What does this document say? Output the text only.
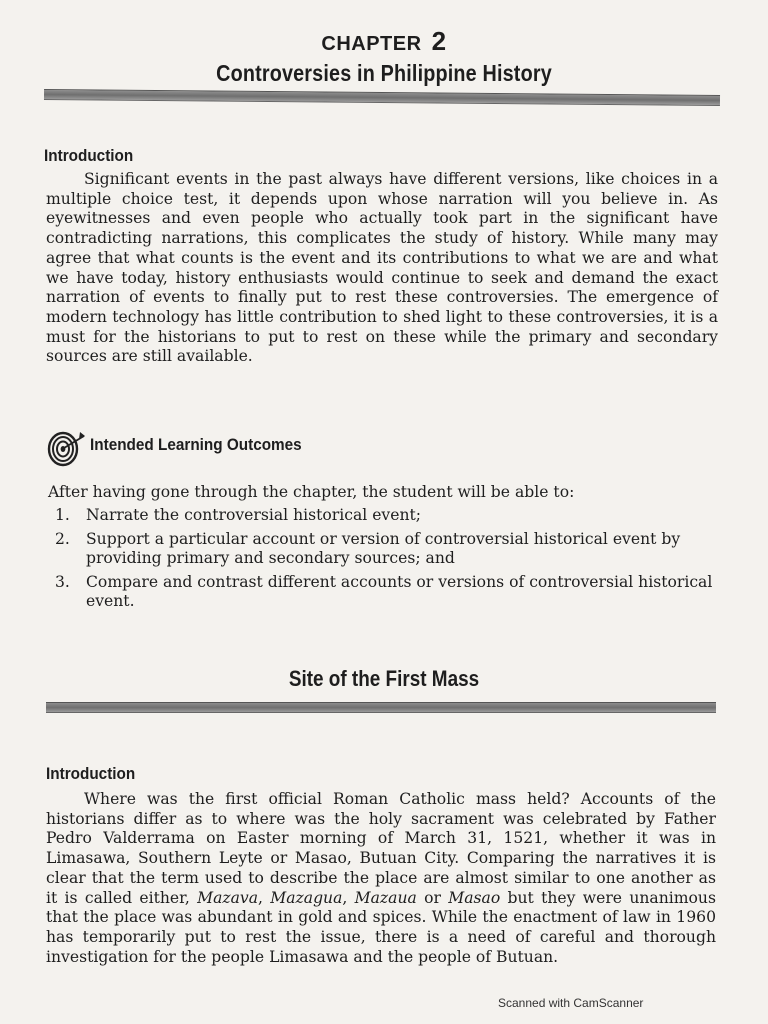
CHAPTER 2
Controversies in Philippine History
Introduction

Significant events in the past always have different versions, like choices in a multiple choice test, it depends upon whose narration will you believe in. As eyewitnesses and even people who actually took part in the significant have contradicting narrations, this complicates the study of history. While many may agree that what counts is the event and its contributions to what we are and what we have today, history enthusiasts would continue to seek and demand the exact narration of events to finally put to rest these controversies. The emergence of modern technology has little contribution to shed light to these controversies, it is a must for the historians to put to rest on these while the primary and secondary sources are still available.

Intended Learning Outcomes
After having gone through the chapter, the student will be able to:
1. Narrate the controversial historical event;
2. Support a particular account or version of controversial historical event by providing primary and secondary sources; and
3. Compare and contrast different accounts or versions of controversial historical event.
Site of the First Mass
Introduction

Where was the first official Roman Catholic mass held? Accounts of the historians differ as to where was the holy sacrament was celebrated by Father Pedro Valderrama on Easter morning of March 31, 1521, whether it was in Limasawa, Southern Leyte or Masao, Butuan City. Comparing the narratives it is clear that the term used to describe the place are almost similar to one another as it is called either, Mazava, Mazagua, Mazaua or Masao but they were unanimous that the place was abundant in gold and spices. While the enactment of law in 1960 has temporarily put to rest the issue, there is a need of careful and thorough investigation for the people Limasawa and the people of Butuan.

Scanned with CamScanner
